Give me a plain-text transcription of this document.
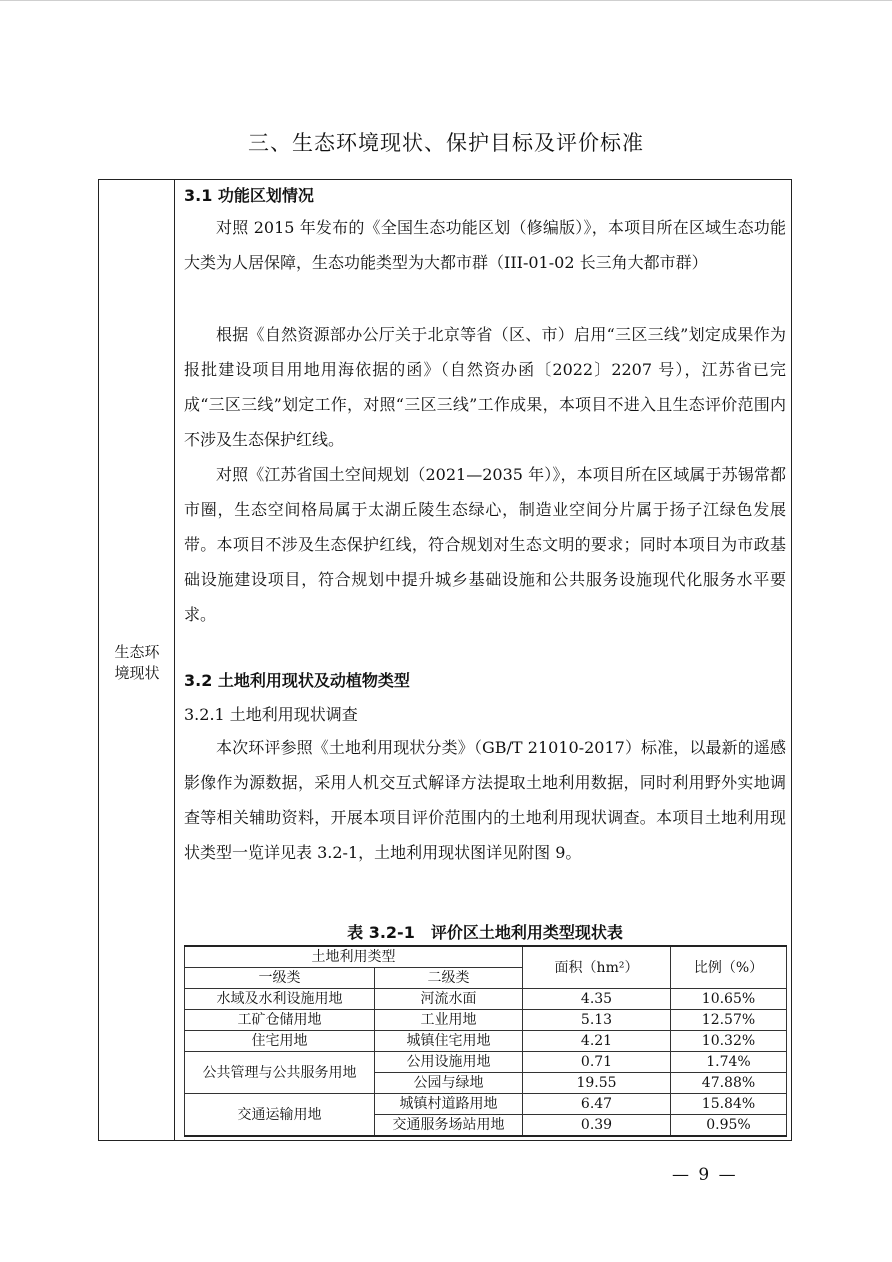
三、生态环境现状、保护目标及评价标准
生态环境现状
3.1 功能区划情况
对照 2015 年发布的《全国生态功能区划（修编版）》，本项目所在区域生态功能大类为人居保障，生态功能类型为大都市群（III-01-02 长三角大都市群）
根据《自然资源部办公厅关于北京等省（区、市）启用“三区三线”划定成果作为报批建设项目用地用海依据的函》（自然资办函〔2022〕2207 号），江苏省已完成“三区三线”划定工作，对照“三区三线”工作成果，本项目不进入且生态评价范围内不涉及生态保护红线。
对照《江苏省国土空间规划（2021—2035 年）》，本项目所在区域属于苏锡常都市圈，生态空间格局属于太湖丘陵生态绿心，制造业空间分片属于扬子江绿色发展带。本项目不涉及生态保护红线，符合规划对生态文明的要求；同时本项目为市政基础设施建设项目，符合规划中提升城乡基础设施和公共服务设施现代化服务水平要求。
3.2 土地利用现状及动植物类型
3.2.1 土地利用现状调查
本次环评参照《土地利用现状分类》（GB/T 21010-2017）标准，以最新的遥感影像作为源数据，采用人机交互式解译方法提取土地利用数据，同时利用野外实地调查等相关辅助资料，开展本项目评价范围内的土地利用现状调查。本项目土地利用现状类型一览详见表 3.2-1，土地利用现状图详见附图 9。
表 3.2-1　评价区土地利用类型现状表
土地利用类型		面积（hm²）	比例（%）
一级类	二级类		
水域及水利设施用地	河流水面	4.35	10.65%
工矿仓储用地	工业用地	5.13	12.57%
住宅用地	城镇住宅用地	4.21	10.32%
公共管理与公共服务用地	公用设施用地	0.71	1.74%
	公园与绿地	19.55	47.88%
交通运输用地	城镇村道路用地	6.47	15.84%
	交通服务场站用地	0.39	0.95%
— 9 —
